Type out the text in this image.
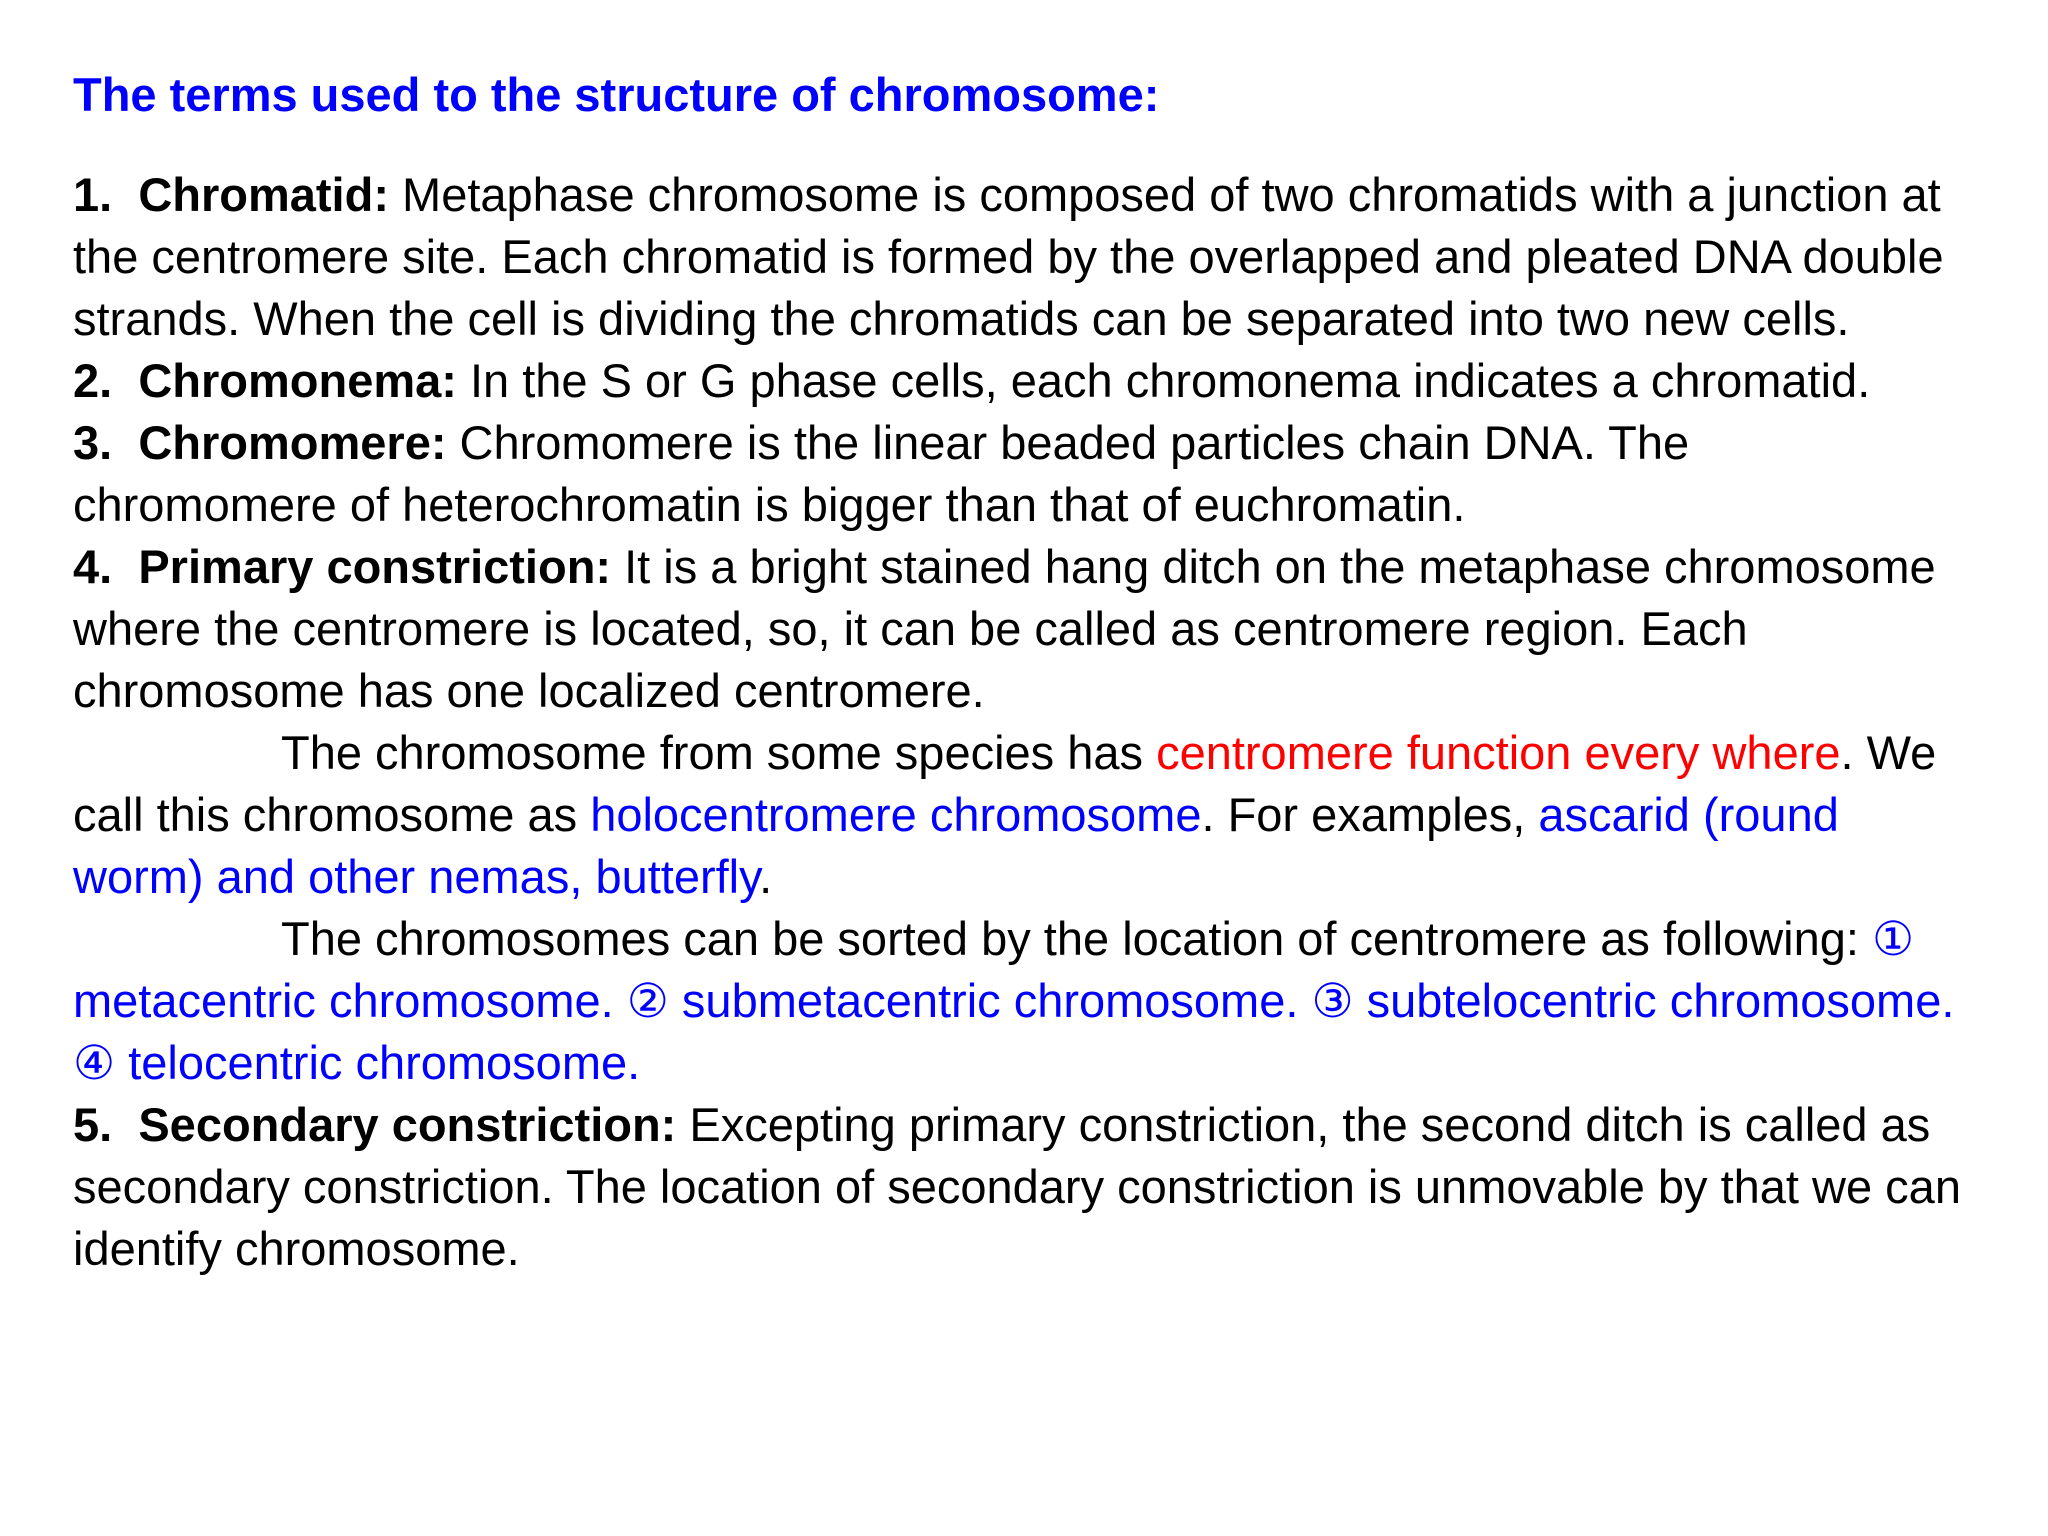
The terms used to the structure of chromosome:

1. Chromatid: Metaphase chromosome is composed of two chromatids with a junction at the centromere site. Each chromatid is formed by the overlapped and pleated DNA double strands. When the cell is dividing the chromatids can be separated into two new cells.

2. Chromonema: In the S or G phase cells, each chromonema indicates a chromatid.

3. Chromomere: Chromomere is the linear beaded particles chain DNA. The chromomere of heterochromatin is bigger than that of euchromatin.

4. Primary constriction: It is a bright stained hang ditch on the metaphase chromosome where the centromere is located, so, it can be called as centromere region. Each chromosome has one localized centromere.

The chromosome from some species has centromere function every where. We call this chromosome as holocentromere chromosome. For examples, ascarid (round worm) and other nemas, butterfly.

The chromosomes can be sorted by the location of centromere as following: ① metacentric chromosome. ② submetacentric chromosome. ③ subtelocentric chromosome. ④ telocentric chromosome.

5. Secondary constriction: Excepting primary constriction, the second ditch is called as secondary constriction. The location of secondary constriction is unmovable by that we can identify chromosome.
